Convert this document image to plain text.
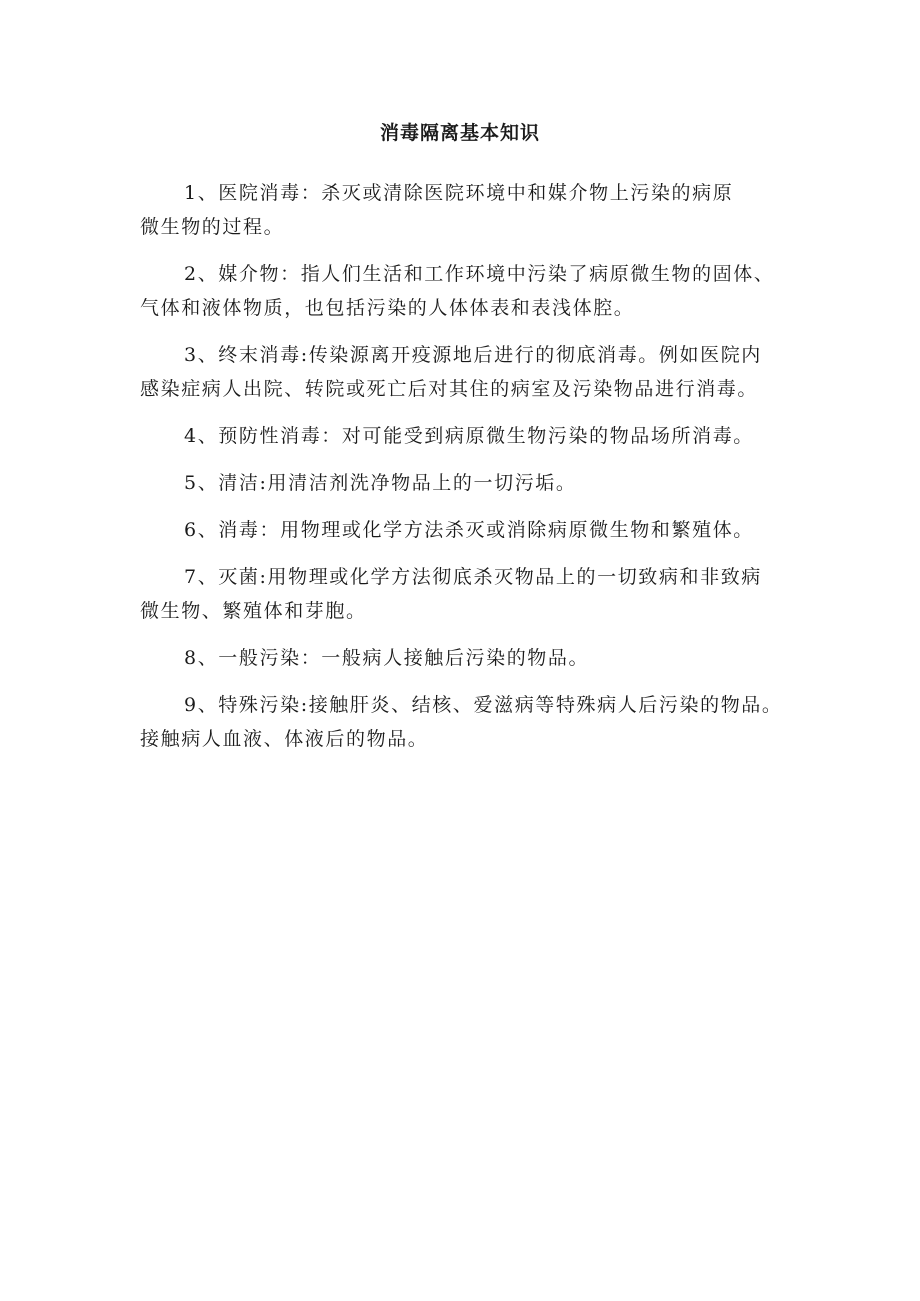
消毒隔离基本知识

1、医院消毒：杀灭或清除医院环境中和媒介物上污染的病原
微生物的过程。

2、媒介物：指人们生活和工作环境中污染了病原微生物的固体、
气体和液体物质，也包括污染的人体体表和表浅体腔。

3、终末消毒:传染源离开疫源地后进行的彻底消毒。例如医院内
感染症病人出院、转院或死亡后对其住的病室及污染物品进行消毒。

4、预防性消毒：对可能受到病原微生物污染的物品场所消毒。

5、清洁:用清洁剂洗净物品上的一切污垢。

6、消毒：用物理或化学方法杀灭或消除病原微生物和繁殖体。

7、灭菌:用物理或化学方法彻底杀灭物品上的一切致病和非致病
微生物、繁殖体和芽胞。

8、一般污染：一般病人接触后污染的物品。

9、特殊污染:接触肝炎、结核、爱滋病等特殊病人后污染的物品。
接触病人血液、体液后的物品。
